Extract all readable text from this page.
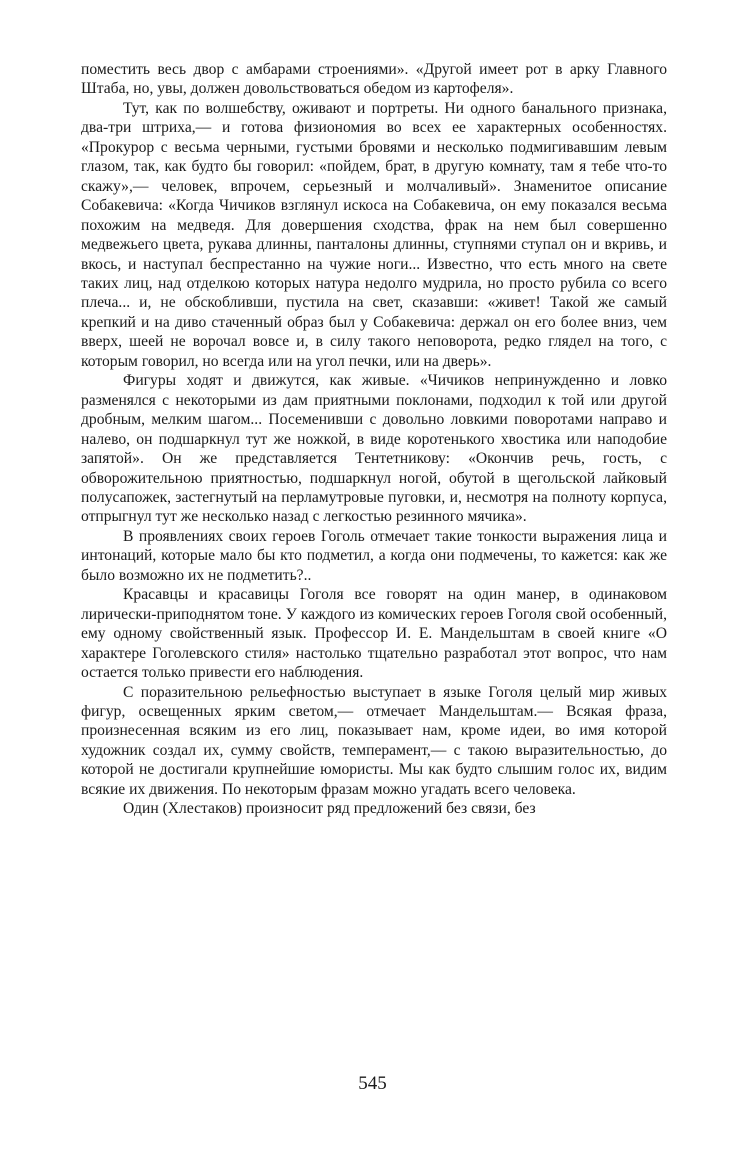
поместить весь двор с амбарами строениями». «Другой имеет рот в арку Главного Штаба, но, увы, должен довольствоваться обедом из картофеля».

Тут, как по волшебству, оживают и портреты. Ни одного банального признака, два-три штриха,— и готова физиономия во всех ее характерных особенностях. «Прокурор с весьма черными, густыми бровями и несколько подмигивавшим левым глазом, так, как будто бы говорил: «пойдем, брат, в другую комнату, там я тебе что-то скажу»,— человек, впрочем, серьезный и молчаливый». Знаменитое описание Собакевича: «Когда Чичиков взглянул искоса на Собакевича, он ему показался весьма похожим на медведя. Для довершения сходства, фрак на нем был совершенно медвежьего цвета, рукава длинны, панталоны длинны, ступнями ступал он и вкривь, и вкось, и наступал беспрестанно на чужие ноги... Известно, что есть много на свете таких лиц, над отделкою которых натура недолго мудрила, но просто рубила со всего плеча... и, не обскобливши, пустила на свет, сказавши: «живет! Такой же самый крепкий и на диво стаченный образ был у Собакевича: держал он его более вниз, чем вверх, шеей не ворочал вовсе и, в силу такого неповорота, редко глядел на того, с которым говорил, но всегда или на угол печки, или на дверь».

Фигуры ходят и движутся, как живые. «Чичиков непринужденно и ловко разменялся с некоторыми из дам приятными поклонами, подходил к той или другой дробным, мелким шагом... Посеменивши с довольно ловкими поворотами направо и налево, он подшаркнул тут же ножкой, в виде коротенького хвостика или наподобие запятой». Он же представляется Тентетникову: «Окончив речь, гость, с обворожительною приятностью, подшаркнул ногой, обутой в щегольской лайковый полусапожек, застегнутый на перламутровые пуговки, и, несмотря на полноту корпуса, отпрыгнул тут же несколько назад с легкостью резинного мячика».

В проявлениях своих героев Гоголь отмечает такие тонкости выражения лица и интонаций, которые мало бы кто подметил, а когда они подмечены, то кажется: как же было возможно их не подметить?..

Красавцы и красавицы Гоголя все говорят на один манер, в одинаковом лирически-приподнятом тоне. У каждого из комических героев Гоголя свой особенный, ему одному свойственный язык. Профессор И. Е. Мандельштам в своей книге «О характере Гоголевского стиля» настолько тщательно разработал этот вопрос, что нам остается только привести его наблюдения.

С поразительною рельефностью выступает в языке Гоголя целый мир живых фигур, освещенных ярким светом,— отмечает Мандельштам.— Всякая фраза, произнесенная всяким из его лиц, показывает нам, кроме идеи, во имя которой художник создал их, сумму свойств, темперамент,— с такою выразительностью, до которой не достигали крупнейшие юмористы. Мы как будто слышим голос их, видим всякие их движения. По некоторым фразам можно угадать всего человека.

Один (Хлестаков) произносит ряд предложений без связи, без

545
